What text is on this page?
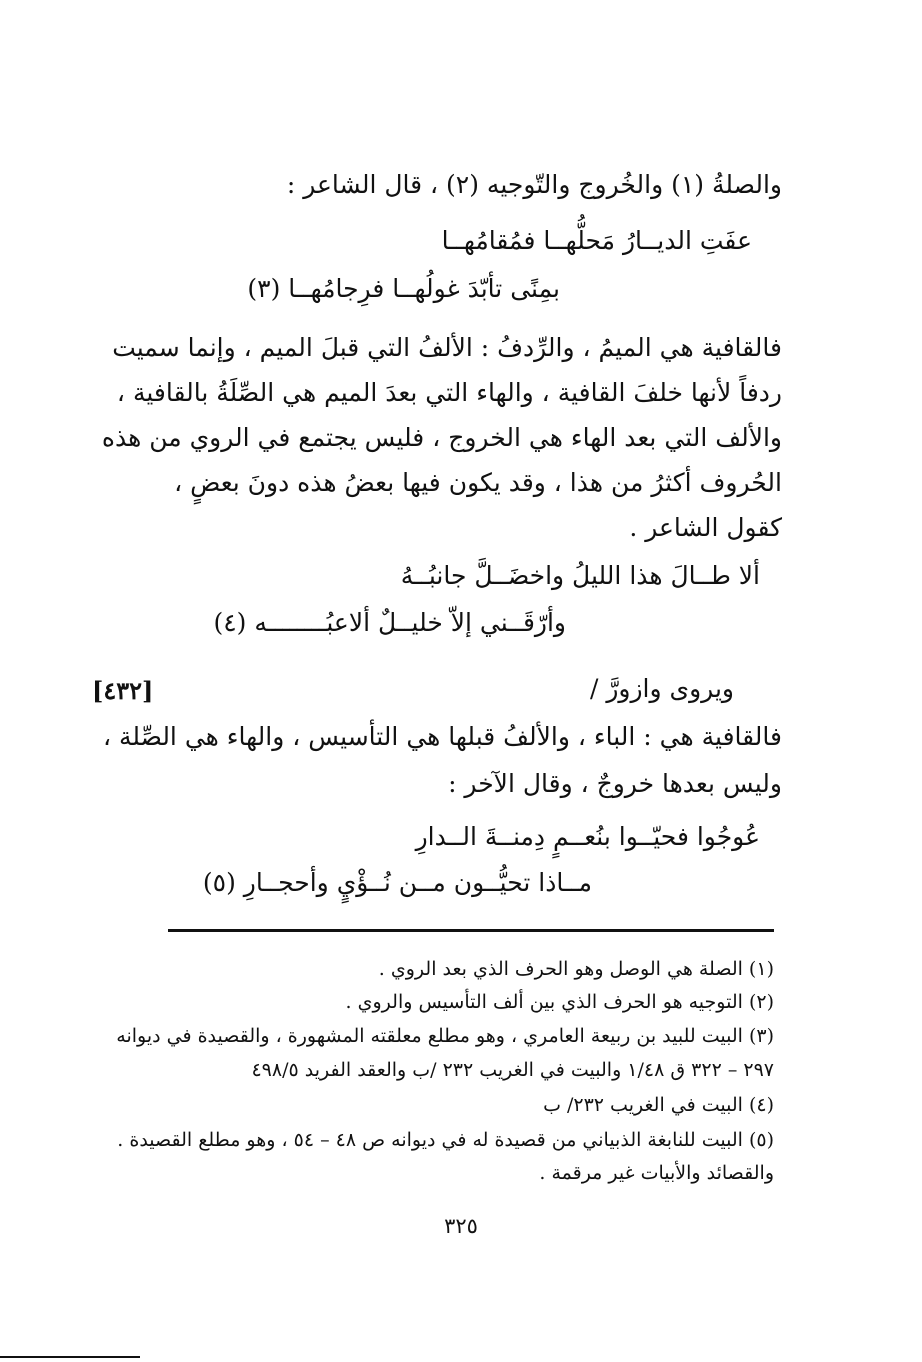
والصلةُ (١) والخُروج والتّوجيه (٢) ، قال الشاعر :
عفَتِ الديــارُ مَحلُّهــا فمُقامُهــا
بمِنًى تأبّدَ غولُهــا فرِجامُهــا (٣)
فالقافية هي الميمُ ، والرِّدفُ : الألفُ التي قبلَ الميم ، وإنما سميت
ردفاً لأنها خلفَ القافية ، والهاء التي بعدَ الميم هي الصِّلَةُ بالقافية ،
والألف التي بعد الهاء هي الخروج ، فليس يجتمع في الروي من هذه
الحُروف أكثرُ من هذا ، وقد يكون فيها بعضُ هذه دونَ بعضٍ ،
كقول الشاعر .
ألا طــالَ هذا الليلُ واخضَــلَّ جانبُــهُ
وأرّقَــني إلاّ خليــلٌ ألاعبُــــــــه (٤)
ويروى وازورَّ /
[٤٣٢]
فالقافية هي : الباء ، والألفُ قبلها هي التأسيس ، والهاء هي الصِّلة ،
وليس بعدها خروجٌ ، وقال الآخر :
عُوجُوا فحيّــوا بنُعــمٍ دِمنــةَ الــدارِ
مــاذا تحيُّــون مــن نُــؤْيٍ وأحجــارِ (٥)
(١) الصلة هي الوصل وهو الحرف الذي بعد الروي .
(٢) التوجيه هو الحرف الذي بين ألف التأسيس والروي .
(٣) البيت للبيد بن ربيعة العامري ، وهو مطلع معلقته المشهورة ، والقصيدة في ديوانه
٢٩٧ – ٣٢٢ ق ١/٤٨ والبيت في الغريب ٢٣٢ /ب والعقد الفريد ٤٩٨/٥
(٤) البيت في الغريب ٢٣٢/ ب
(٥) البيت للنابغة الذبياني من قصيدة له في ديوانه ص ٤٨ – ٥٤ ، وهو مطلع القصيدة .
والقصائد والأبيات غير مرقمة .
٣٢٥
